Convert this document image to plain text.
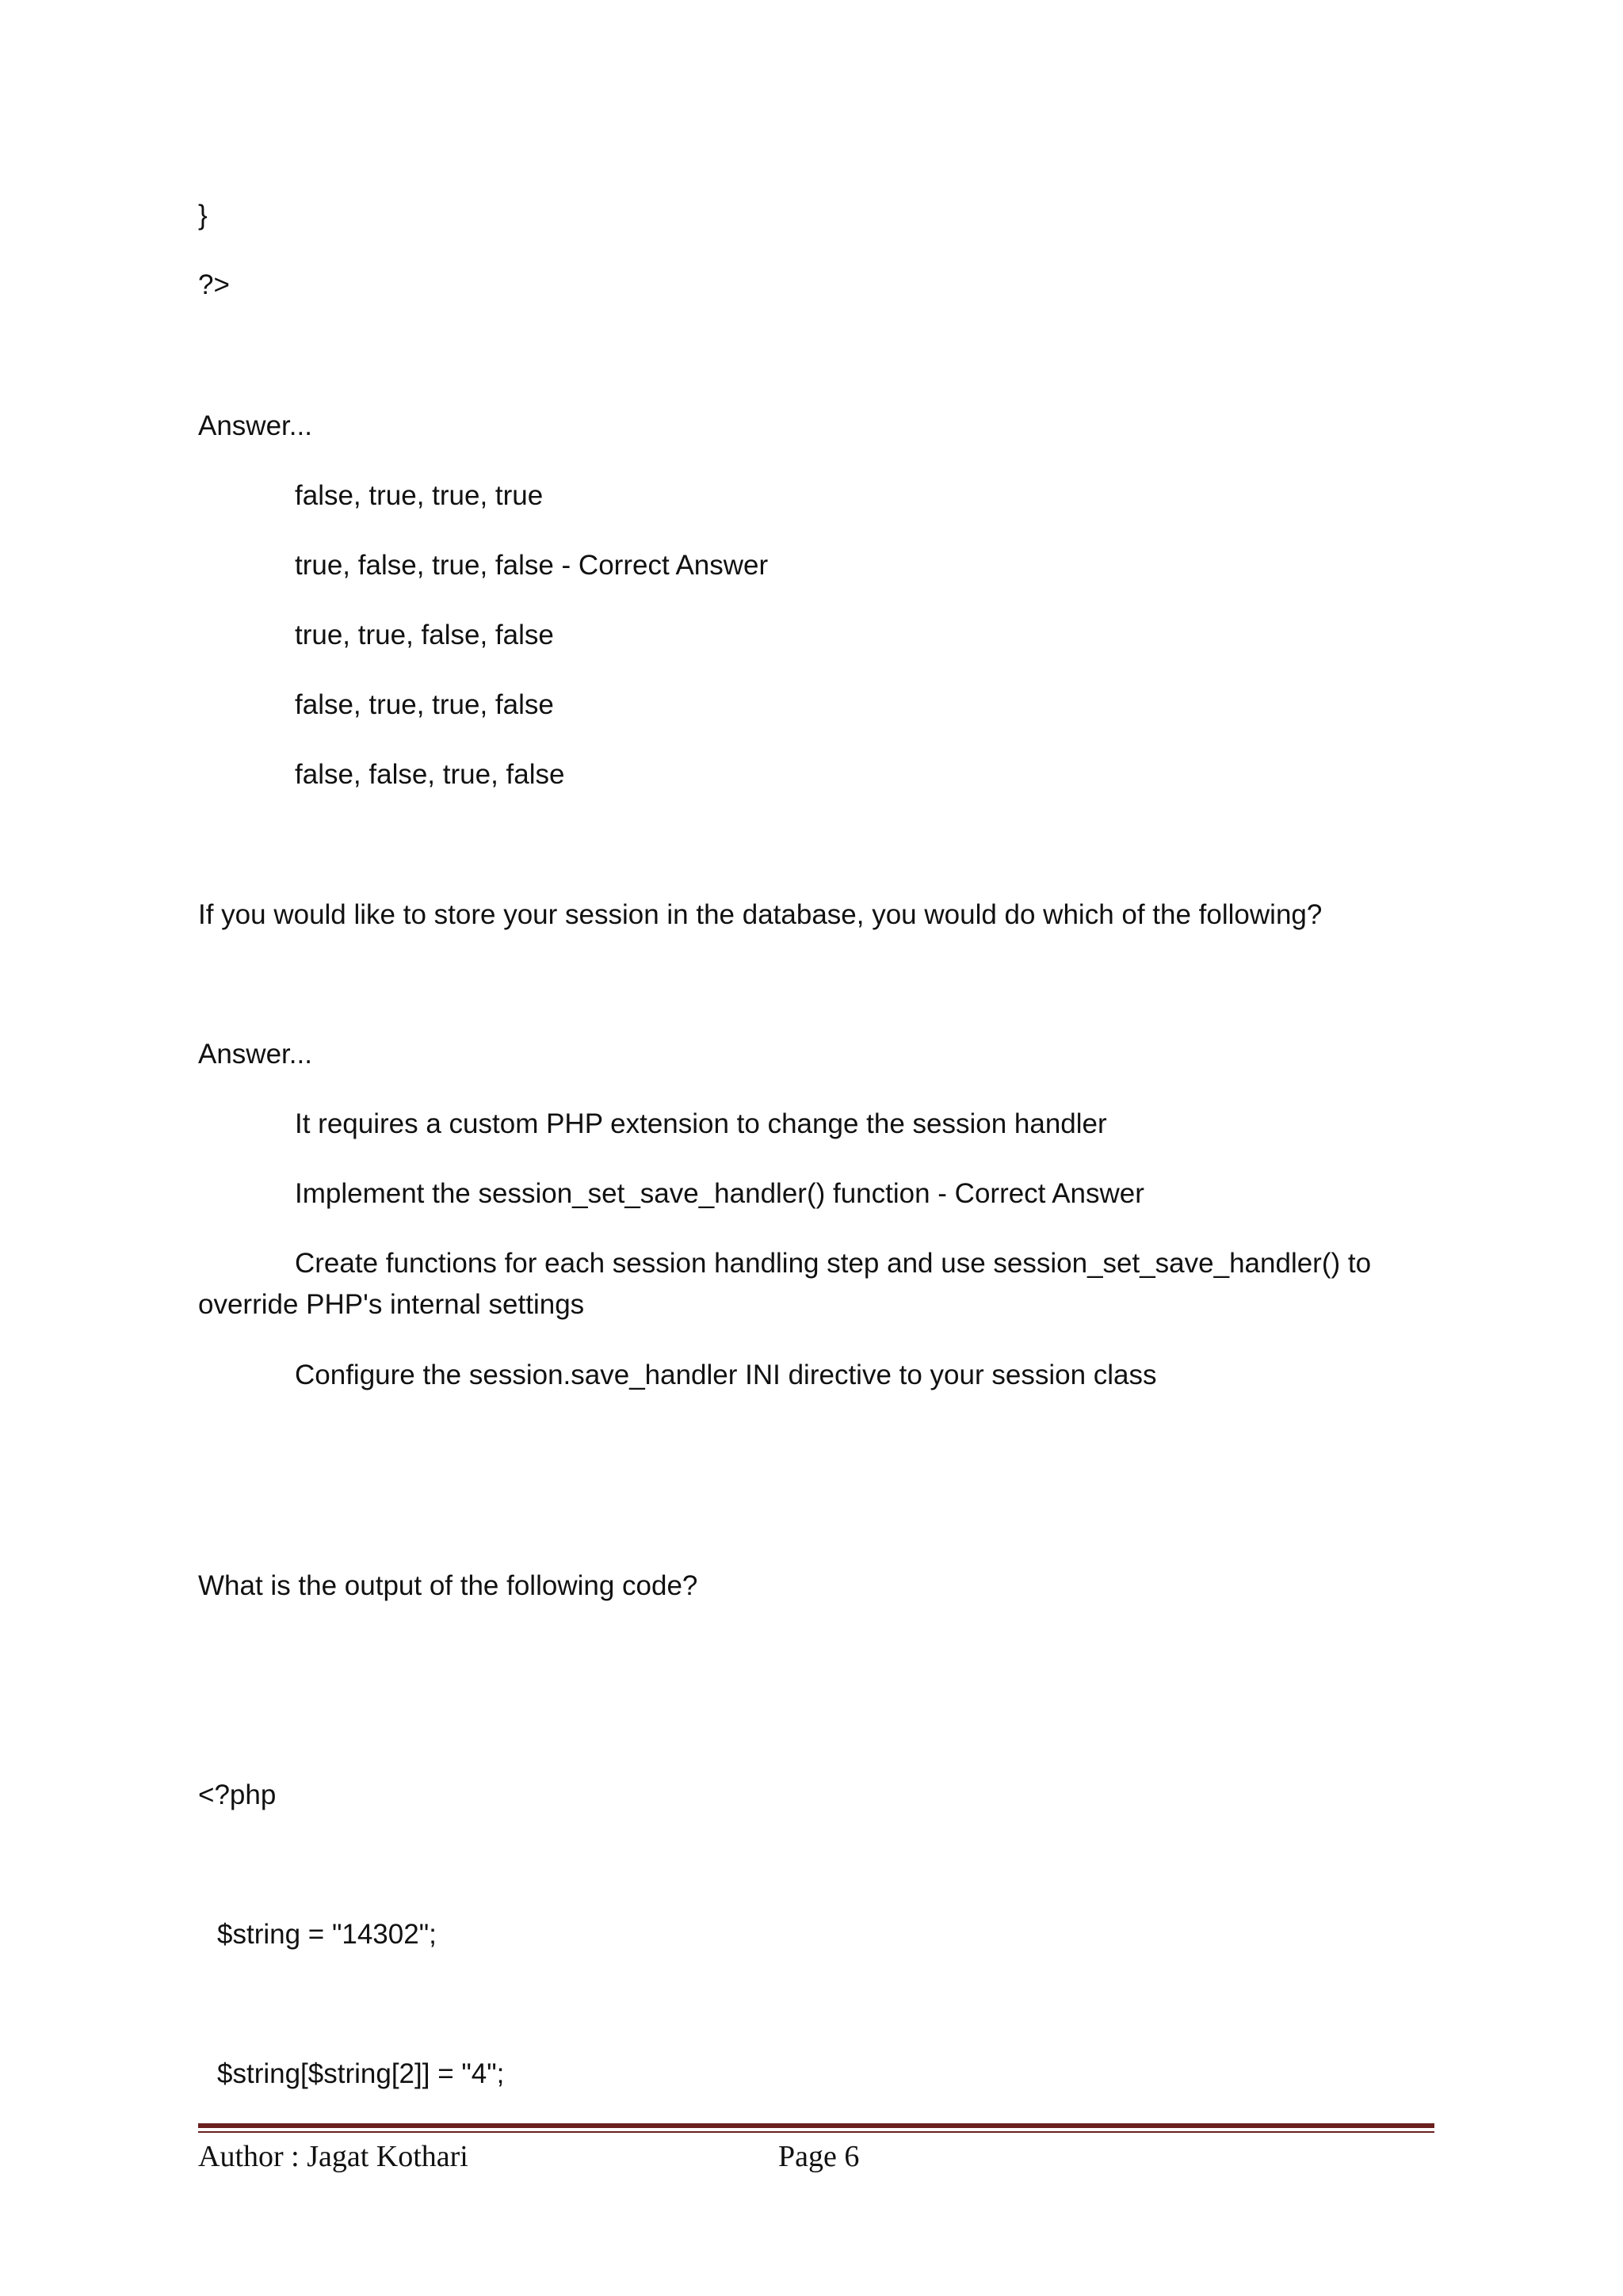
}

?>

Answer...

false, true, true, true

true, false, true, false - Correct Answer

true, true, false, false

false, true, true, false

false, false, true, false

If you would like to store your session in the database, you would do which of the following?

Answer...

It requires a custom PHP extension to change the session handler

Implement the session_set_save_handler() function - Correct Answer

Create functions for each session handling step and use session_set_save_handler() to override PHP's internal settings

Configure the session.save_handler INI directive to your session class

What is the output of the following code?

<?php

$string = "14302";

$string[$string[2]] = "4";

Author : Jagat Kothari	Page 6
